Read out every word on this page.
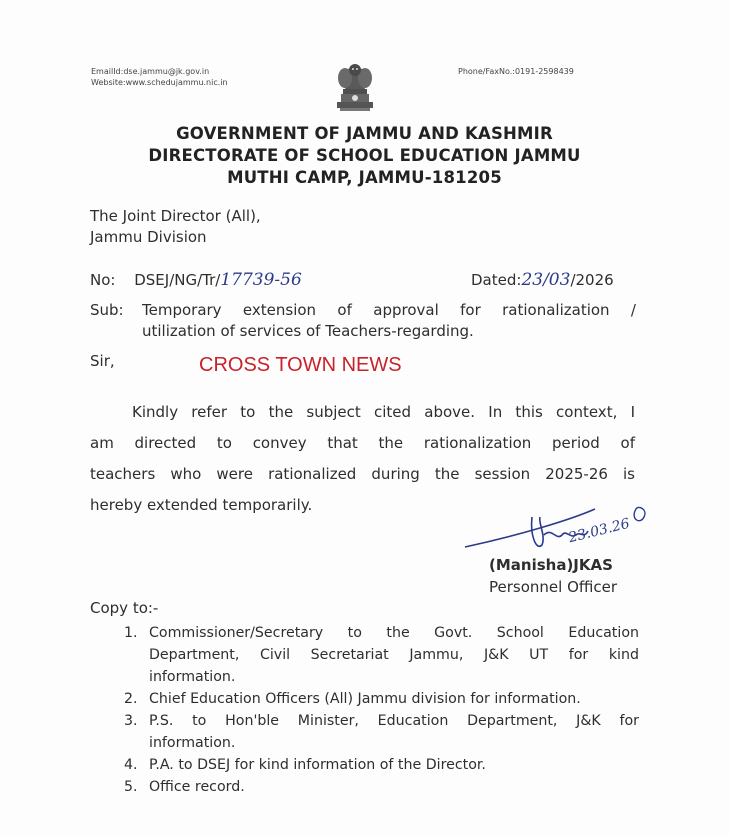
EmailId:dse.jammu@jk.gov.in
Website:www.schedujammu.nic.in
Phone/FaxNo.:0191-2598439
GOVERNMENT OF JAMMU AND KASHMIR
DIRECTORATE OF SCHOOL EDUCATION JAMMU
MUTHI CAMP, JAMMU-181205
The Joint Director (All),
Jammu Division
No: DSEJ/NG/Tr/17739-56	Dated:23/03/2026
Sub: Temporary extension of approval for rationalization /
utilization of services of Teachers-regarding.
Sir,	CROSS TOWN NEWS
Kindly refer to the subject cited above. In this context, I
am directed to convey that the rationalization period of
teachers who were rationalized during the session 2025-26 is
hereby extended temporarily.
23.03.26
(Manisha)JKAS
Personnel Officer
Copy to:-
1. Commissioner/Secretary to the Govt. School Education
Department, Civil Secretariat Jammu, J&K UT for kind
information.
2. Chief Education Officers (All) Jammu division for information.
3. P.S. to Hon'ble Minister, Education Department, J&K for
information.
4. P.A. to DSEJ for kind information of the Director.
5. Office record.
